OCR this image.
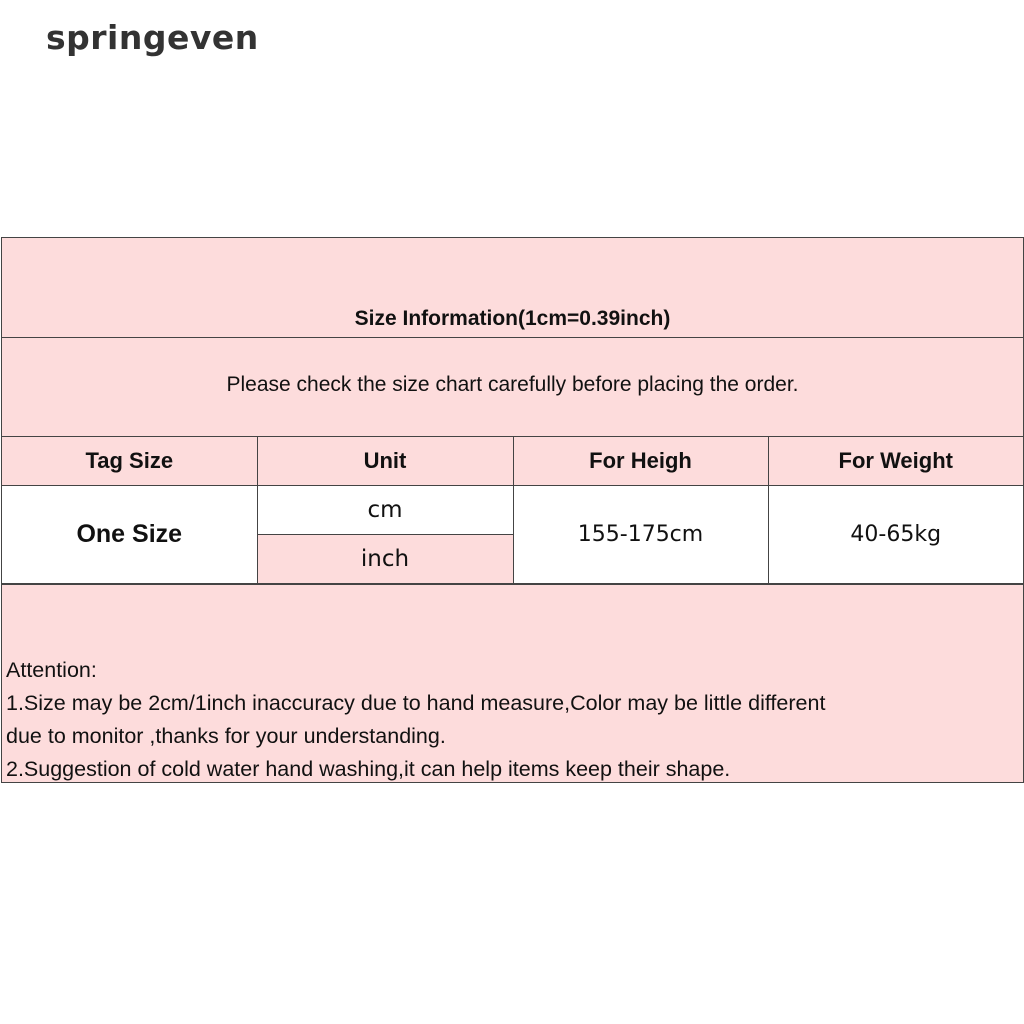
springeven
Size Information(1cm=0.39inch)
Please check the size chart carefully before placing the order.
Tag Size	Unit	For Heigh	For Weight
One Size	cm	155-175cm	40-65kg
	inch		
Attention:
1.Size may be 2cm/1inch inaccuracy due to hand measure,Color may be little different
due to monitor ,thanks for your understanding.
2.Suggestion of cold water hand washing,it can help items keep their shape.
